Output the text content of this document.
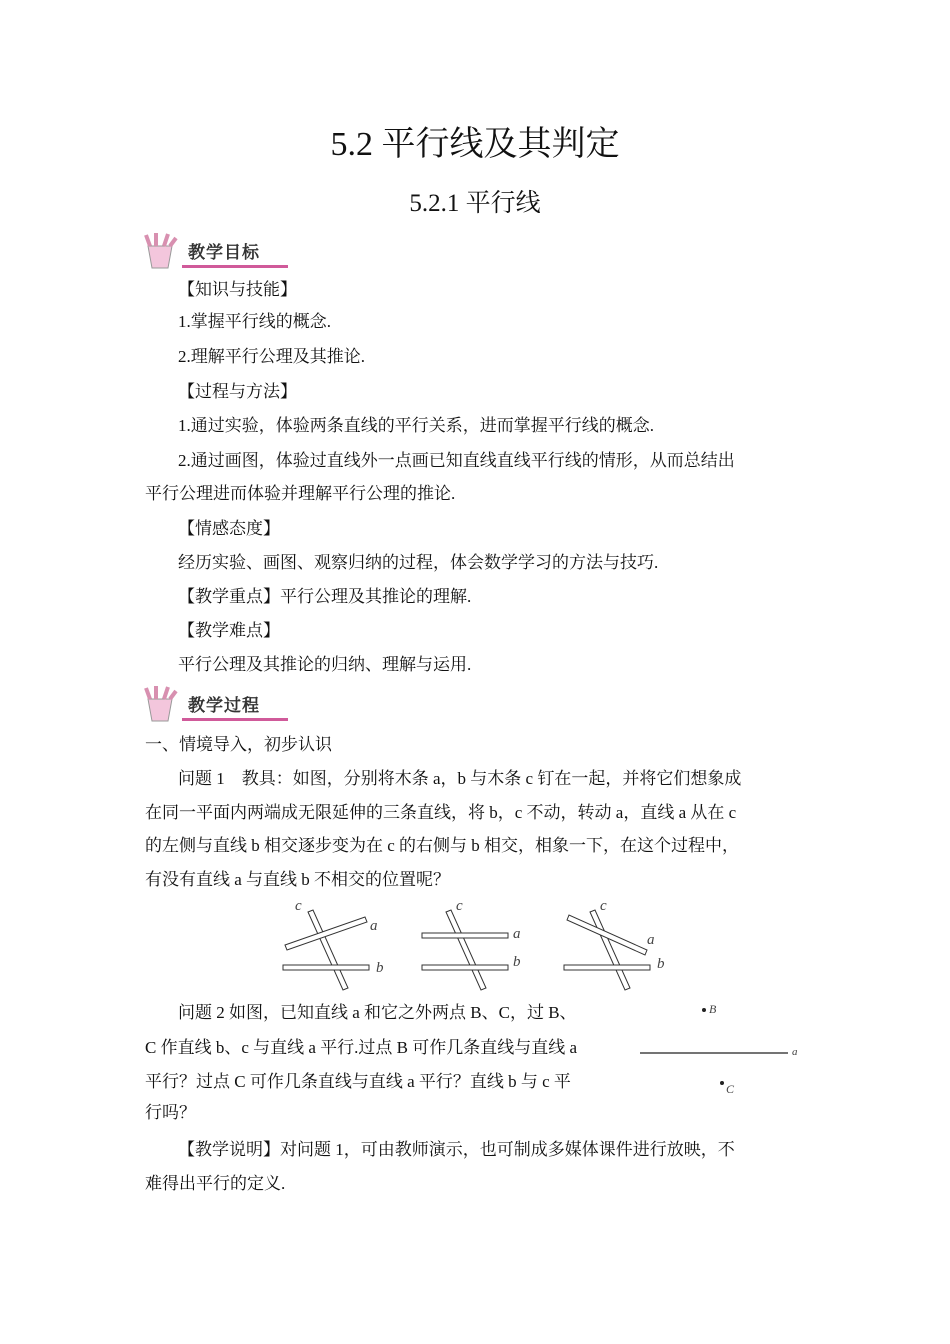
5.2 平行线及其判定
5.2.1 平行线
教学目标
【知识与技能】
1.掌握平行线的概念.
2.理解平行公理及其推论.
【过程与方法】
1.通过实验，体验两条直线的平行关系，进而掌握平行线的概念.
2.通过画图，体验过直线外一点画已知直线直线平行线的情形，从而总结出
平行公理进而体验并理解平行公理的推论.
【情感态度】
经历实验、画图、观察归纳的过程，体会数学学习的方法与技巧.
【教学重点】平行公理及其推论的理解.
【教学难点】
平行公理及其推论的归纳、理解与运用.
教学过程
一、情境导入，初步认识
问题 1　教具：如图，分别将木条 a，b 与木条 c 钉在一起，并将它们想象成
在同一平面内两端成无限延伸的三条直线，将 b，c 不动，转动 a，直线 a 从在 c
的左侧与直线 b 相交逐步变为在 c 的右侧与 b 相交，相象一下，在这个过程中，
有没有直线 a 与直线 b 不相交的位置呢？
c
a
b
c
a
b
c
a
b
问题 2 如图，已知直线 a 和它之外两点 B、C，过 B、
C 作直线 b、c 与直线 a 平行.过点 B 可作几条直线与直线 a
平行？过点 C 可作几条直线与直线 a 平行？直线 b 与 c 平
行吗？
B
a
C
【教学说明】对问题 1，可由教师演示，也可制成多媒体课件进行放映，不
难得出平行的定义.
